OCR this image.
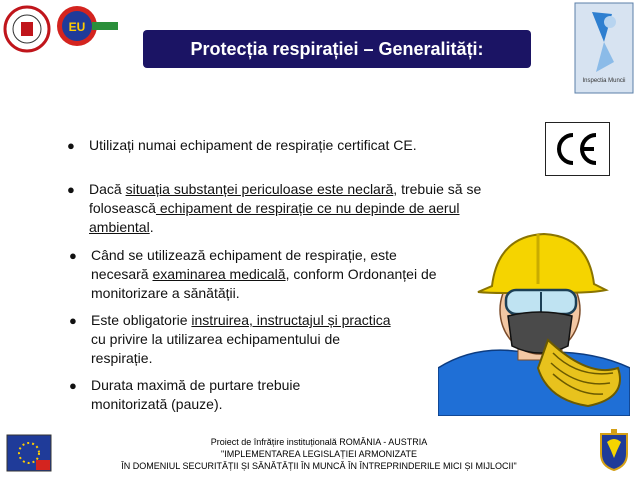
EU
Inspectia Muncii
Protecția respirației – Generalități:
● Utilizați numai echipament de respirație certificat CE.
● Dacă situația substanței periculoase este neclară, trebuie să se folosească echipament de respirație ce nu depinde de aerul ambiental.
● Când se utilizează echipament de respirație, este necesară examinarea medicală, conform Ordonanței de monitorizare a sănătății.
● Este obligatorie instruirea, instructajul și practica cu privire la utilizarea echipamentului de respirație.
● Durata maximă de purtare trebuie monitorizată (pauze).
Proiect de înfrățire instituțională ROMÂNIA - AUSTRIA
"IMPLEMENTAREA LEGISLAȚIEI ARMONIZATE
ÎN DOMENIUL SECURITĂȚII ȘI SĂNĂTĂȚII ÎN MUNCĂ ÎN ÎNTREPRINDERILE MICI ȘI MIJLOCII"
